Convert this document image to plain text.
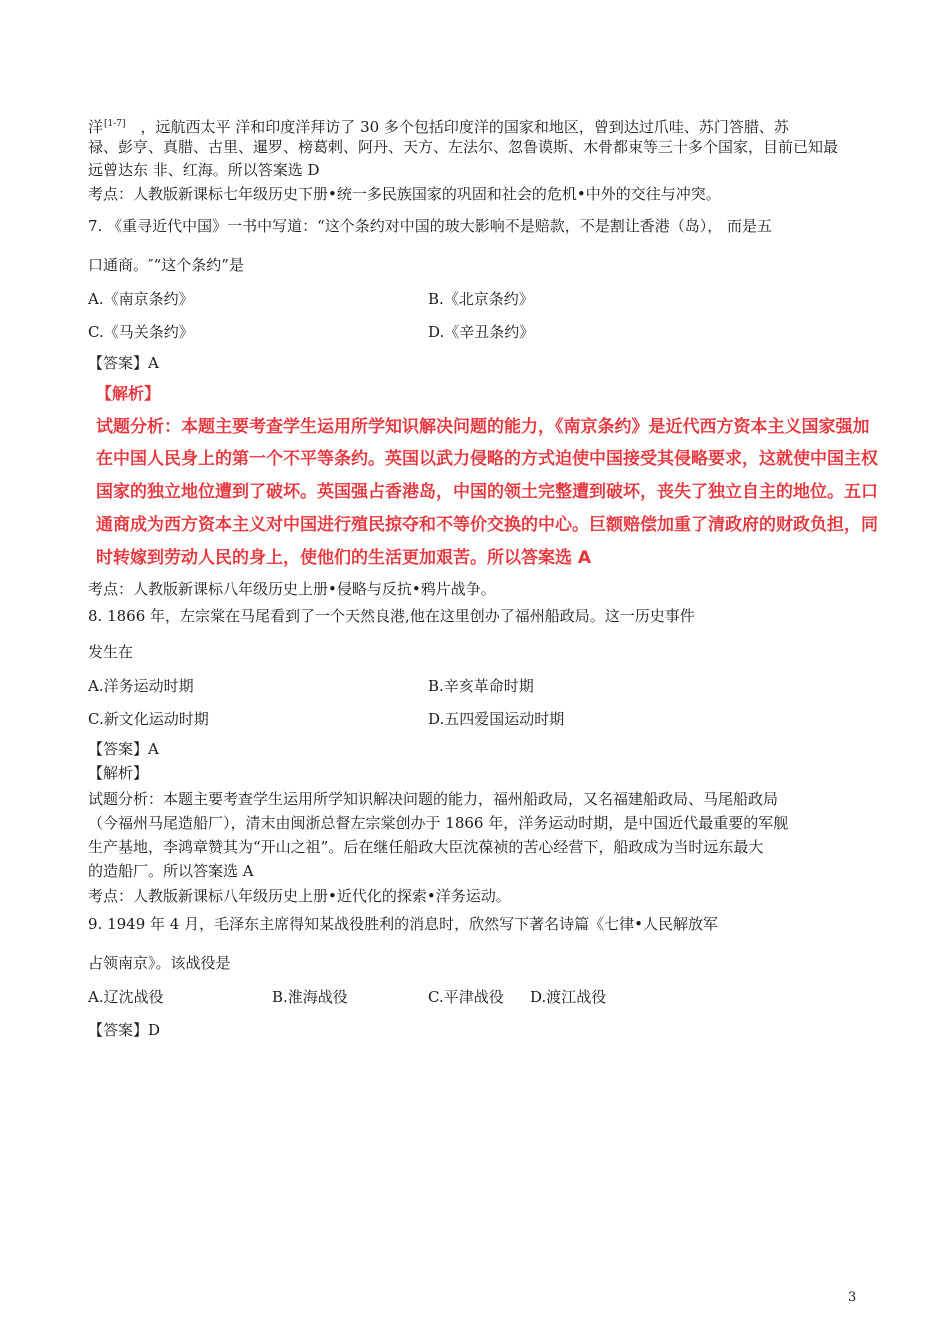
洋[1-7]　，远航西太平 洋和印度洋拜访了 30 多个包括印度洋的国家和地区，曾到达过爪哇、苏门答腊、苏
禄、彭亨、真腊、古里、暹罗、榜葛剌、阿丹、天方、左法尔、忽鲁谟斯、木骨都束等三十多个国家，目前已知最
远曾达东 非、红海。所以答案选 D
考点：人教版新课标七年级历史下册•统一多民族国家的巩固和社会的危机•中外的交往与冲突。
7. 《重寻近代中国》一书中写道：“这个条约对中国的玻大影响不是赔款，不是割让香港（岛）， 而是五
口通商。″“这个条约”是
A.《南京条约》	B.《北京条约》
C.《马关条约》	D.《辛丑条约》
【答案】A
【解析】
试题分析：本题主要考查学生运用所学知识解决问题的能力，《南京条约》是近代西方资本主义国家强加
在中国人民身上的第一个不平等条约。英国以武力侵略的方式迫使中国接受其侵略要求，这就使中国主权
国家的独立地位遭到了破坏。英国强占香港岛，中国的领土完整遭到破坏，丧失了独立自主的地位。五口
通商成为西方资本主义对中国进行殖民掠夺和不等价交换的中心。巨额赔偿加重了清政府的财政负担，同
时转嫁到劳动人民的身上，使他们的生活更加艰苦。所以答案选 A
考点：人教版新课标八年级历史上册•侵略与反抗•鸦片战争。
8. 1866 年，左宗棠在马尾看到了一个天然良港,他在这里创办了福州船政局。这一历史事件
发生在
A.洋务运动时期	B.辛亥革命时期
C.新文化运动时期	D.五四爱国运动时期
【答案】A
【解析】
试题分析：本题主要考查学生运用所学知识解决问题的能力，福州船政局，又名福建船政局、马尾船政局
（今福州马尾造船厂），清末由闽浙总督左宗棠创办于 1866 年，洋务运动时期，是中国近代最重要的军舰
生产基地，李鸿章赞其为“开山之祖”。后在继任船政大臣沈葆祯的苦心经营下，船政成为当时远东最大
的造船厂。所以答案选 A
考点：人教版新课标八年级历史上册•近代化的探索•洋务运动。
9. 1949 年 4 月，毛泽东主席得知某战役胜利的消息时，欣然写下著名诗篇《七律•人民解放军
占领南京》。该战役是
A.辽沈战役	B.淮海战役	C.平津战役 D.渡江战役
【答案】D
3
